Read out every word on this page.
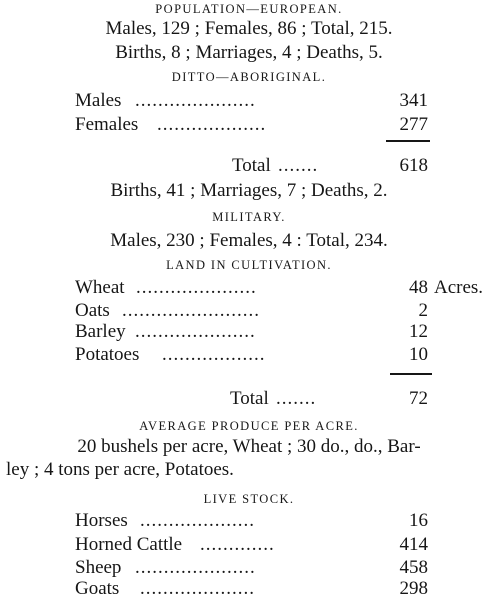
POPULATION—EUROPEAN.
Males, 129 ; Females, 86 ; Total, 215.
Births, 8 ; Marriages, 4 ; Deaths, 5.
DITTO—ABORIGINAL.
Males .....................	341
Females ...................	277
Total .......	618
Births, 41 ; Marriages, 7 ; Deaths, 2.
MILITARY.
Males, 230 ; Females, 4 : Total, 234.
LAND IN CULTIVATION.
Wheat .....................	48 Acres.
Oats ........................	2
Barley .....................	12
Potatoes ..................	10
Total .......	72
AVERAGE PRODUCE PER ACRE.
20 bushels per acre, Wheat ; 30 do., do., Bar-
ley ; 4 tons per acre, Potatoes.
LIVE STOCK.
Horses ....................	16
Horned Cattle .............	414
Sheep .....................	458
Goats ....................	298
